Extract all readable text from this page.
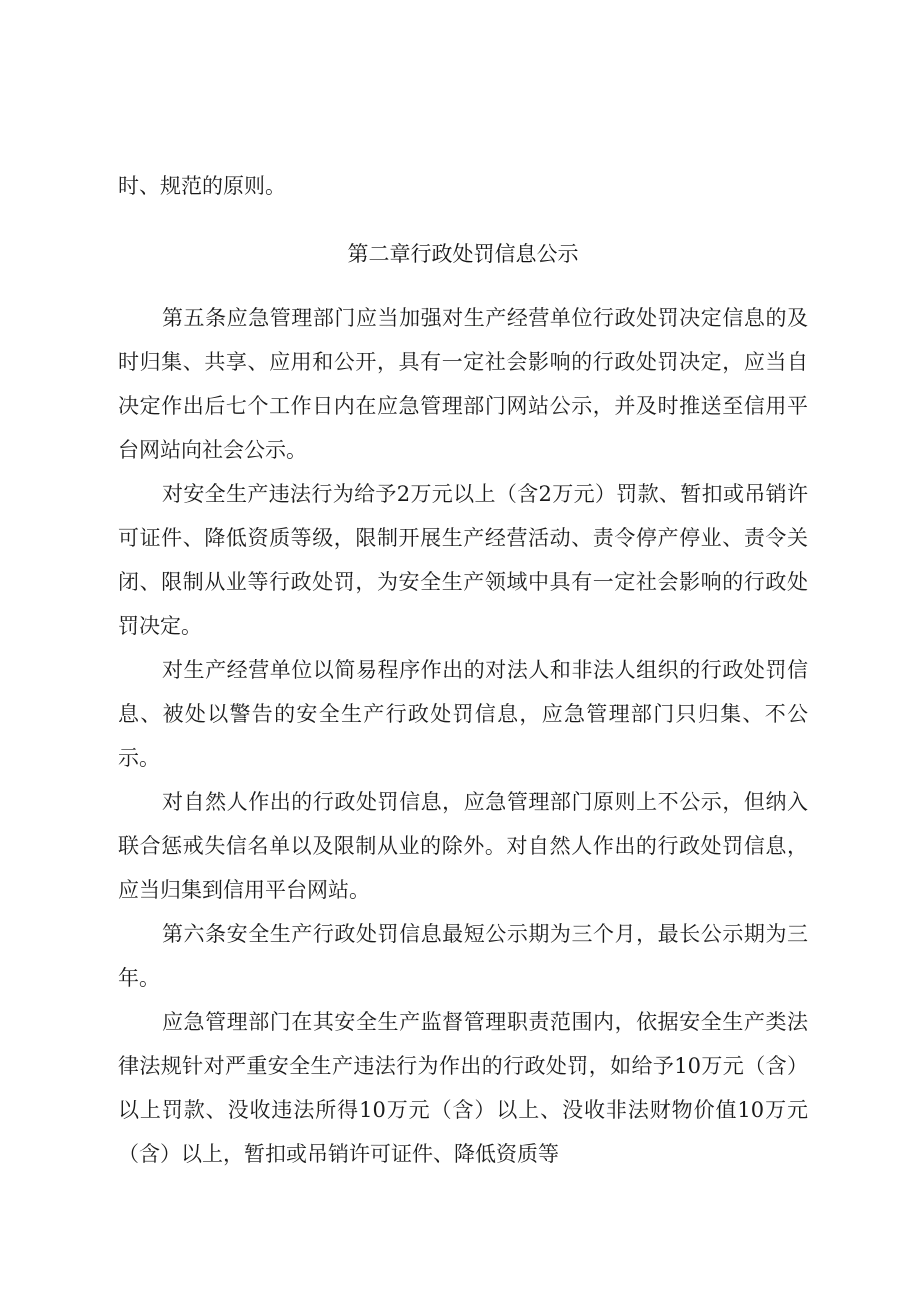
时、规范的原则。

第二章行政处罚信息公示

第五条应急管理部门应当加强对生产经营单位行政处罚决定信息的及时归集、共享、应用和公开，具有一定社会影响的行政处罚决定，应当自决定作出后七个工作日内在应急管理部门网站公示，并及时推送至信用平台网站向社会公示。

对安全生产违法行为给予2万元以上（含2万元）罚款、暂扣或吊销许可证件、降低资质等级，限制开展生产经营活动、责令停产停业、责令关闭、限制从业等行政处罚，为安全生产领域中具有一定社会影响的行政处罚决定。

对生产经营单位以简易程序作出的对法人和非法人组织的行政处罚信息、被处以警告的安全生产行政处罚信息，应急管理部门只归集、不公示。

对自然人作出的行政处罚信息，应急管理部门原则上不公示，但纳入联合惩戒失信名单以及限制从业的除外。对自然人作出的行政处罚信息，应当归集到信用平台网站。

第六条安全生产行政处罚信息最短公示期为三个月，最长公示期为三年。

应急管理部门在其安全生产监督管理职责范围内，依据安全生产类法律法规针对严重安全生产违法行为作出的行政处罚，如给予10万元（含）以上罚款、没收违法所得10万元（含）以上、没收非法财物价值10万元（含）以上，暂扣或吊销许可证件、降低资质等
